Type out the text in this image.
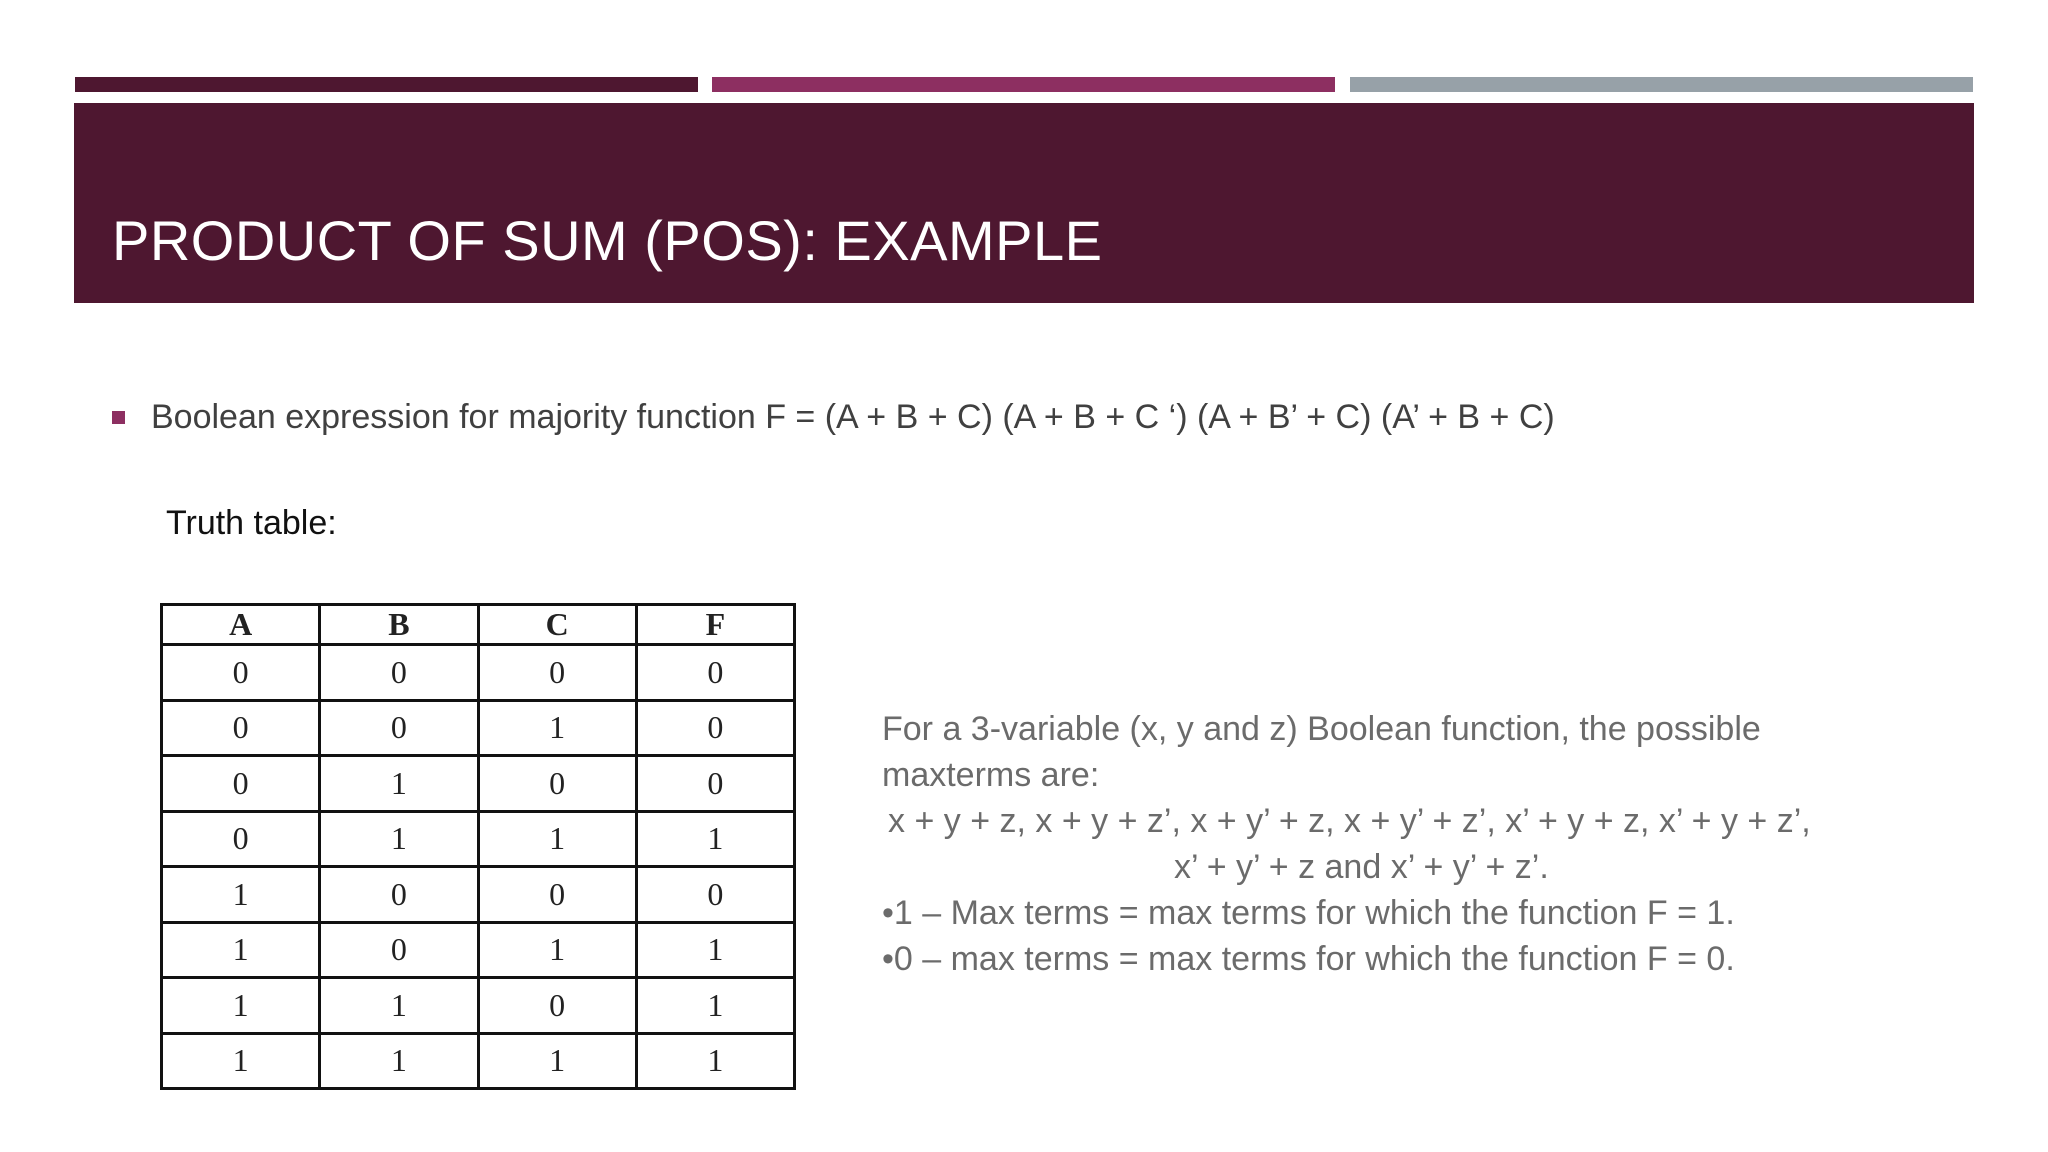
PRODUCT OF SUM (POS): EXAMPLE
Boolean expression for majority function F = (A + B + C) (A + B + C ‘) (A + B’ + C) (A’ + B + C)
Truth table:
A	B	C	F
0	0	0	0
0	0	1	0
0	1	0	0
0	1	1	1
1	0	0	0
1	0	1	1
1	1	0	1
1	1	1	1

For a 3-variable (x, y and z) Boolean function, the possible

maxterms are:

x + y + z, x + y + z’, x + y’ + z, x + y’ + z’, x’ + y + z, x’ + y + z’,

x’ + y’ + z and x’ + y’ + z’.

•1 – Max terms = max terms for which the function F = 1.

•0 – max terms = max terms for which the function F = 0.
